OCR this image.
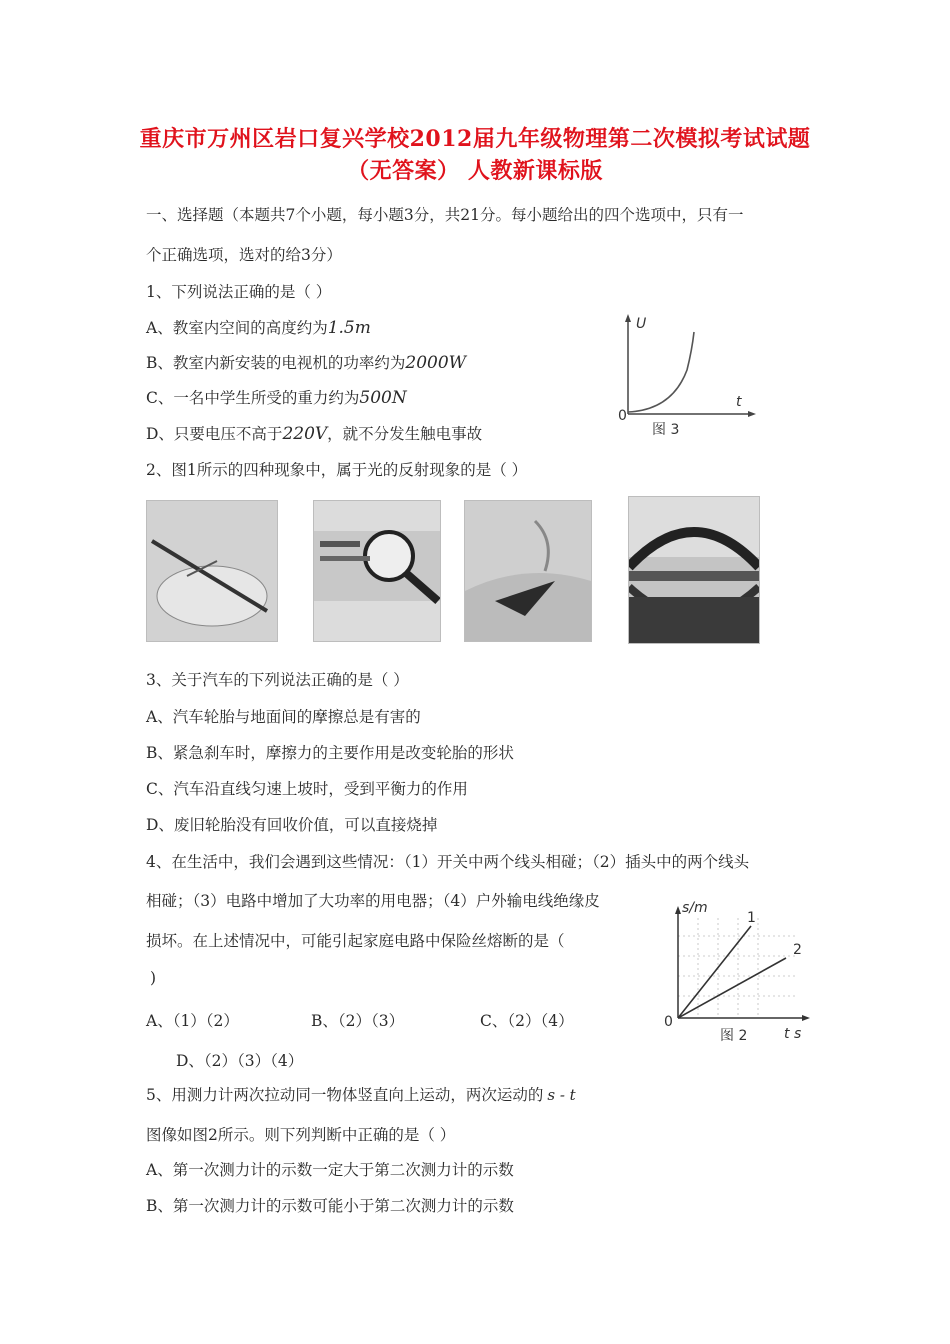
重庆市万州区岩口复兴学校2012届九年级物理第二次模拟考试试题
（无答案） 人教新课标版
一、选择题（本题共7个小题，每小题3分，共21分。每小题给出的四个选项中，只有一
个正确选项，选对的给3分）
1、下列说法正确的是（ ）
A、教室内空间的高度约为1.5m
B、教室内新安装的电视机的功率约为2000W
C、一名中学生所受的重力约为500N
D、只要电压不高于220V，就不分发生触电事故
U
t
0
图 3
2、图1所示的四种现象中，属于光的反射现象的是（ ）
3、关于汽车的下列说法正确的是（ ）
A、汽车轮胎与地面间的摩擦总是有害的
B、紧急刹车时，摩擦力的主要作用是改变轮胎的形状
C、汽车沿直线匀速上坡时，受到平衡力的作用
D、废旧轮胎没有回收价值，可以直接烧掉
4、在生活中，我们会遇到这些情况：（1）开关中两个线头相碰；（2）插头中的两个线头
相碰；（3）电路中增加了大功率的用电器；（4）户外输电线绝缘皮
损坏。在上述情况中，可能引起家庭电路中保险丝熔断的是（
)
A、（1）（2）	B、（2）（3）	C、（2）（4）
D、（2）（3）（4）
s/m
1
2
0
图 2	t s
5、用测力计两次拉动同一物体竖直向上运动，两次运动的 s - t
图像如图2所示。则下列判断中正确的是（ ）
A、第一次测力计的示数一定大于第二次测力计的示数
B、第一次测力计的示数可能小于第二次测力计的示数
